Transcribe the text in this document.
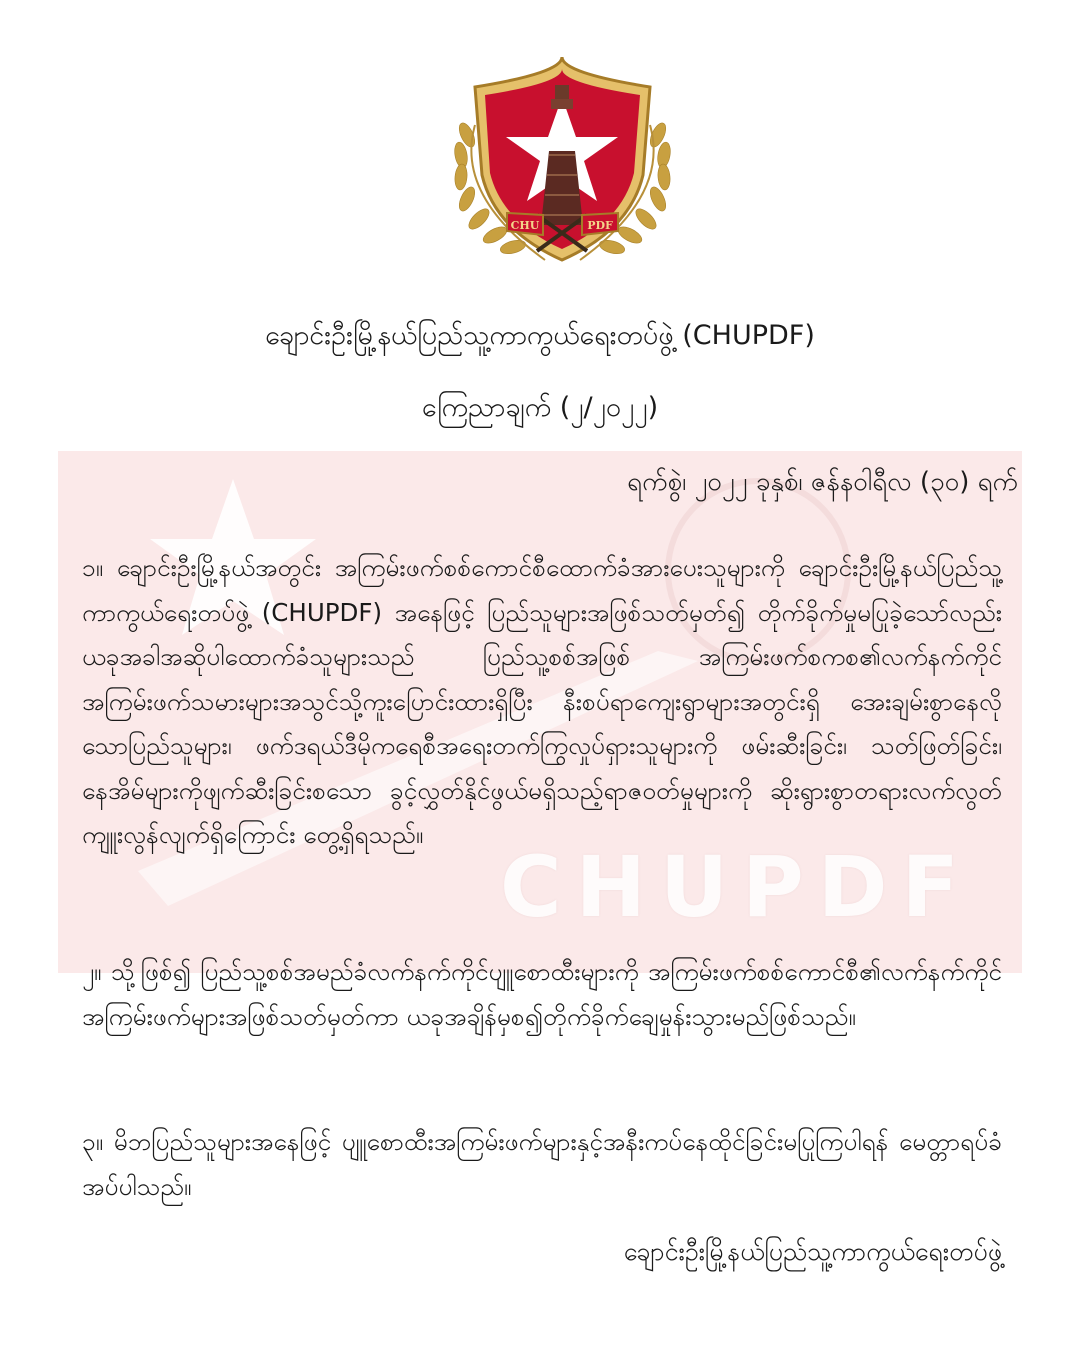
CHU	PDF
CHUPDF
ချောင်းဦးမြို့နယ်ပြည်သူ့ကာကွယ်ရေးတပ်ဖွဲ့ (CHUPDF)
ကြေညာချက် (၂/၂၀၂၂)
ရက်စွဲ၊ ၂၀၂၂ ခုနှစ်၊ ဇန်နဝါရီလ (၃၀) ရက်
၁။ ချောင်းဦးမြို့နယ်အတွင်း အကြမ်းဖက်စစ်ကောင်စီထောက်ခံအားပေးသူများကို ချောင်းဦးမြို့နယ်ပြည်သူ့ကာကွယ်ရေးတပ်ဖွဲ့ (CHUPDF) အနေဖြင့် ပြည်သူများအဖြစ်သတ်မှတ်၍ တိုက်ခိုက်မှုမပြုခဲ့သော်လည်း ယခုအခါအဆိုပါထောက်ခံသူများသည် ပြည်သူ့စစ်အဖြစ် အကြမ်းဖက်စကစ၏လက်နက်ကိုင်အကြမ်းဖက်သမားများအသွင်သို့ကူးပြောင်းထားရှိပြီး နီးစပ်ရာကျေးရွာများအတွင်းရှိ အေးချမ်းစွာနေလိုသောပြည်သူများ၊ ဖက်ဒရယ်ဒီမိုကရေစီအရေးတက်ကြွလှုပ်ရှားသူများကို ဖမ်းဆီးခြင်း၊ သတ်ဖြတ်ခြင်း၊ နေအိမ်များကိုဖျက်ဆီးခြင်းစသော ခွင့်လွှတ်နိုင်ဖွယ်မရှိသည့်ရာဇဝတ်မှုများကို ဆိုးရွားစွာတရားလက်လွတ်ကျူးလွန်လျက်ရှိကြောင်း တွေ့ရှိရသည်။
၂။ သို့ဖြစ်၍ ပြည်သူ့စစ်အမည်ခံလက်နက်ကိုင်ပျူစောထီးများကို အကြမ်းဖက်စစ်ကောင်စီ၏လက်နက်ကိုင်အကြမ်းဖက်များအဖြစ်သတ်မှတ်ကာ ယခုအချိန်မှစ၍တိုက်ခိုက်ချေမှုန်းသွားမည်ဖြစ်သည်။
၃။ မိဘပြည်သူများအနေဖြင့် ပျူစောထီးအကြမ်းဖက်များနှင့်အနီးကပ်နေထိုင်ခြင်းမပြုကြပါရန် မေတ္တာရပ်ခံအပ်ပါသည်။
ချောင်းဦးမြို့နယ်ပြည်သူ့ကာကွယ်ရေးတပ်ဖွဲ့
